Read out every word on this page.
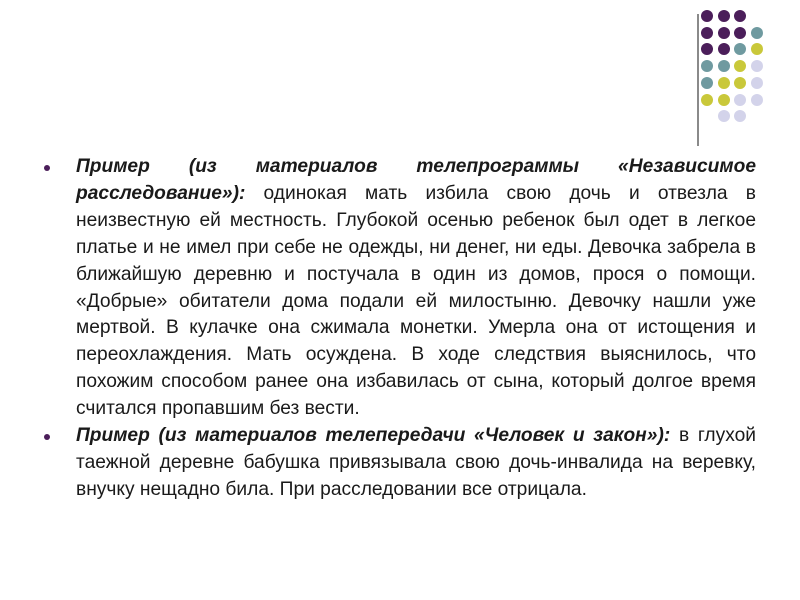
Пример (из материалов телепрограммы «Независимое расследование»): одинокая мать избила свою дочь и отвезла в неизвестную ей местность. Глубокой осенью ребенок был одет в легкое платье и не имел при себе не одежды, ни денег, ни еды. Девочка забрела в ближайшую деревню и постучала в один из домов, прося о помощи. «Добрые» обитатели дома подали ей милостыню. Девочку нашли уже мертвой. В кулачке она сжимала монетки. Умерла она от истощения и переохлаждения. Мать осуждена. В ходе следствия выяснилось, что похожим способом ранее она избавилась от сына, который долгое время считался пропавшим без вести.
Пример (из материалов телепередачи «Человек и закон»): в глухой таежной деревне бабушка привязывала свою дочь-инвалида на веревку, внучку нещадно била. При расследовании все отрицала.
